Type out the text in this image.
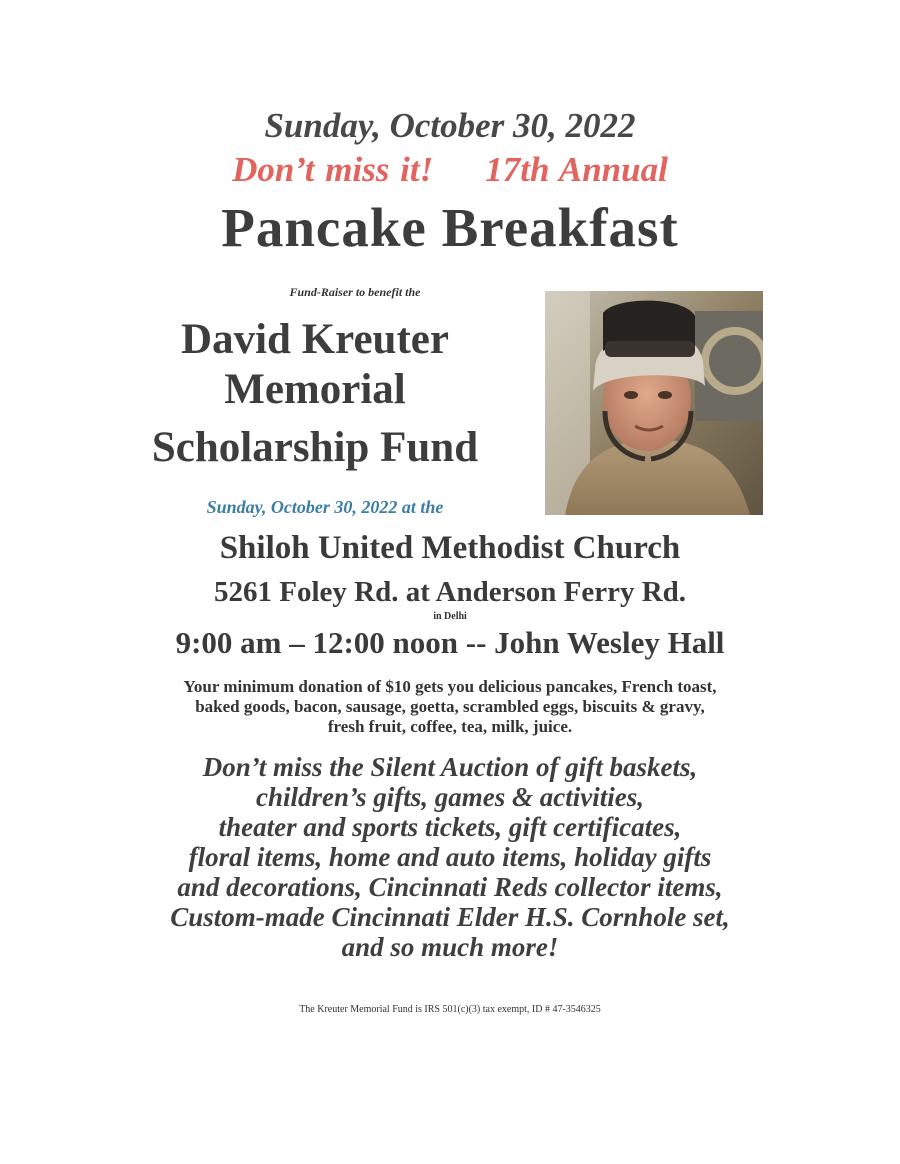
Sunday, October 30, 2022
Don’t miss it! 17th Annual
Pancake Breakfast
Fund-Raiser to benefit the
David Kreuter
Memorial
Scholarship Fund
Sunday, October 30, 2022 at the
Shiloh United Methodist Church
5261 Foley Rd. at Anderson Ferry Rd.
in Delhi
9:00 am – 12:00 noon -- John Wesley Hall
Your minimum donation of $10 gets you delicious pancakes, French toast,
baked goods, bacon, sausage, goetta, scrambled eggs, biscuits & gravy,
fresh fruit, coffee, tea, milk, juice.
Don’t miss the Silent Auction of gift baskets,
children’s gifts, games & activities,
theater and sports tickets, gift certificates,
floral items, home and auto items, holiday gifts
and decorations, Cincinnati Reds collector items,
Custom-made Cincinnati Elder H.S. Cornhole set,
and so much more!
The Kreuter Memorial Fund is IRS 501(c)(3) tax exempt, ID # 47-3546325
